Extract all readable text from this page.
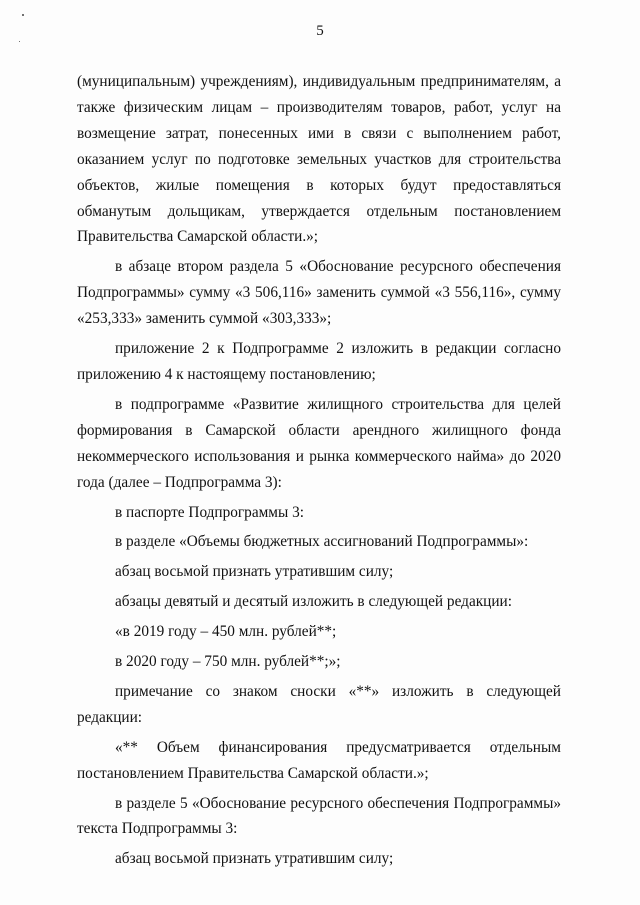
5

(муниципальным) учреждениям), индивидуальным предпринимателям, а также физическим лицам – производителям товаров, работ, услуг на возмещение затрат, понесенных ими в связи с выполнением работ, оказанием услуг по подготовке земельных участков для строительства объектов, жилые помещения в которых будут предоставляться обманутым дольщикам, утверждается отдельным постановлением Правительства Самарской области.»;

в абзаце втором раздела 5 «Обоснование ресурсного обеспечения Подпрограммы» сумму «3 506,116» заменить суммой «3 556,116», сумму «253,333» заменить суммой «303,333»;

приложение 2 к Подпрограмме 2 изложить в редакции согласно приложению 4 к настоящему постановлению;

в подпрограмме «Развитие жилищного строительства для целей формирования в Самарской области арендного жилищного фонда некоммерческого использования и рынка коммерческого найма» до 2020 года (далее – Подпрограмма 3):

в паспорте Подпрограммы 3:

в разделе «Объемы бюджетных ассигнований Подпрограммы»:

абзац восьмой признать утратившим силу;

абзацы девятый и десятый изложить в следующей редакции:

«в 2019 году – 450 млн. рублей**;

в 2020 году – 750 млн. рублей**;»;

примечание со знаком сноски «**» изложить в следующей редакции:

«** Объем финансирования предусматривается отдельным

постановлением Правительства Самарской области.»;

в разделе 5 «Обоснование ресурсного обеспечения Подпрограммы» текста Подпрограммы 3:

абзац восьмой признать утратившим силу;
